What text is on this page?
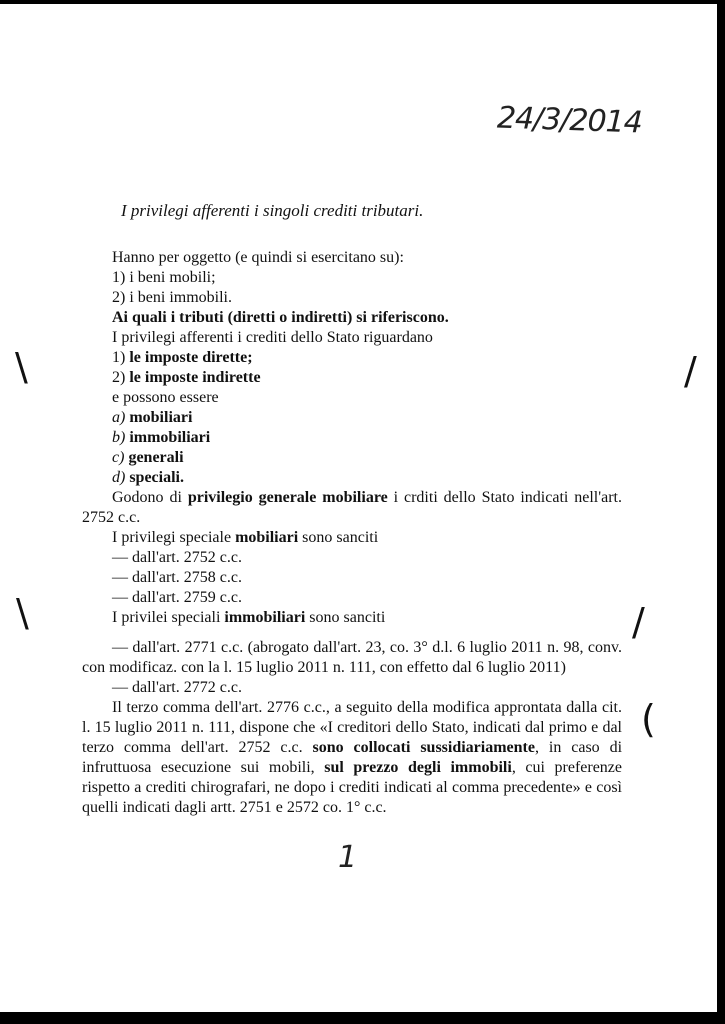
24/3/2014
\
\
/
/
(
I privilegi afferenti i singoli crediti tributari.

Hanno per oggetto (e quindi si esercitano su):

1) i beni mobili;

2) i beni immobili.

Ai quali i tributi (diretti o indiretti) si riferiscono.

I privilegi afferenti i crediti dello Stato riguardano

1) le imposte dirette;

2) le imposte indirette

e possono essere

a) mobiliari

b) immobiliari

c) generali

d) speciali.

Godono di privilegio generale mobiliare i crditi dello Stato indicati nell'art. 2752 c.c.

I privilegi speciale mobiliari sono sanciti

— dall'art. 2752 c.c.

— dall'art. 2758 c.c.

— dall'art. 2759 c.c.

I privilei speciali immobiliari sono sanciti

— dall'art. 2771 c.c. (abrogato dall'art. 23, co. 3° d.l. 6 luglio 2011 n. 98, conv. con modificaz. con la l. 15 luglio 2011 n. 111, con effetto dal 6 luglio 2011)

— dall'art. 2772 c.c.

Il terzo comma dell'art. 2776 c.c., a seguito della modifica approntata dalla cit. l. 15 luglio 2011 n. 111, dispone che «I creditori dello Stato, indicati dal primo e dal terzo comma dell'art. 2752 c.c. sono collocati sussidiariamente, in caso di infruttuosa esecuzione sui mobili, sul prezzo degli immobili, cui preferenze rispetto a crediti chirografari, ne dopo i crediti indicati al comma precedente» e così quelli indicati dagli artt. 2751 e 2572 co. 1° c.c.

1
